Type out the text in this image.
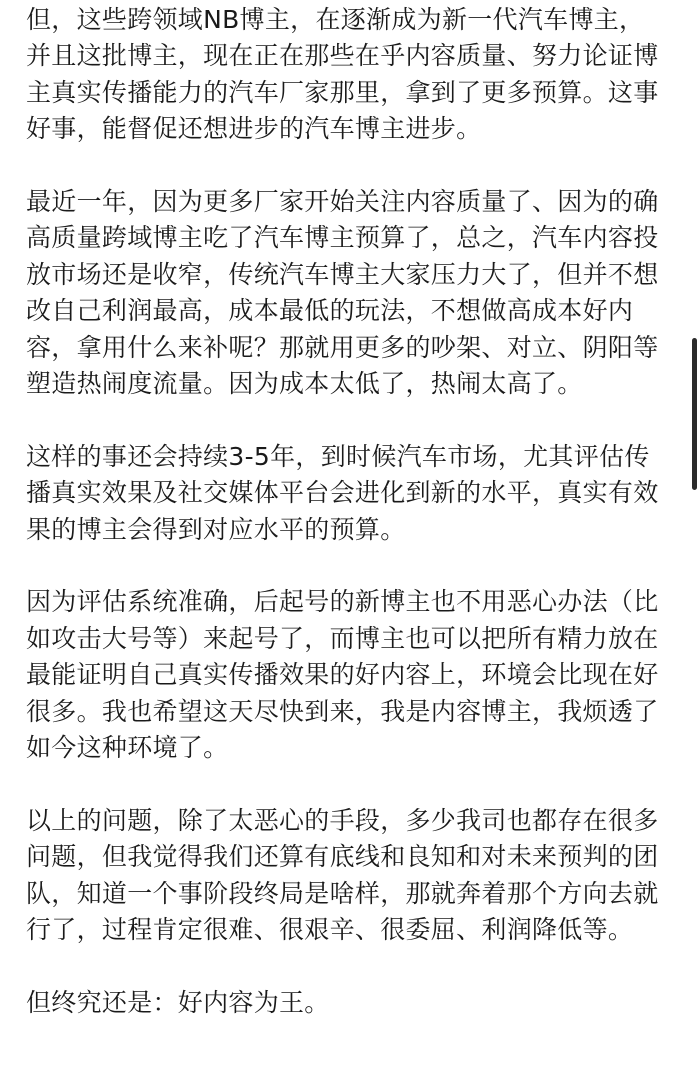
但，这些跨领域NB博主，在逐渐成为新一代汽车博主，
并且这批博主，现在正在那些在乎内容质量、努力论证博
主真实传播能力的汽车厂家那里，拿到了更多预算。这事
好事，能督促还想进步的汽车博主进步。

最近一年，因为更多厂家开始关注内容质量了、因为的确
高质量跨域博主吃了汽车博主预算了，总之，汽车内容投
放市场还是收窄，传统汽车博主大家压力大了，但并不想
改自己利润最高，成本最低的玩法，不想做高成本好内
容，拿用什么来补呢？那就用更多的吵架、对立、阴阳等
塑造热闹度流量。因为成本太低了，热闹太高了。

这样的事还会持续3-5年，到时候汽车市场，尤其评估传
播真实效果及社交媒体平台会进化到新的水平，真实有效
果的博主会得到对应水平的预算。

因为评估系统准确，后起号的新博主也不用恶心办法（比
如攻击大号等）来起号了，而博主也可以把所有精力放在
最能证明自己真实传播效果的好内容上，环境会比现在好
很多。我也希望这天尽快到来，我是内容博主，我烦透了
如今这种环境了。

以上的问题，除了太恶心的手段，多少我司也都存在很多
问题，但我觉得我们还算有底线和良知和对未来预判的团
队，知道一个事阶段终局是啥样，那就奔着那个方向去就
行了，过程肯定很难、很艰辛、很委屈、利润降低等。

但终究还是：好内容为王。
